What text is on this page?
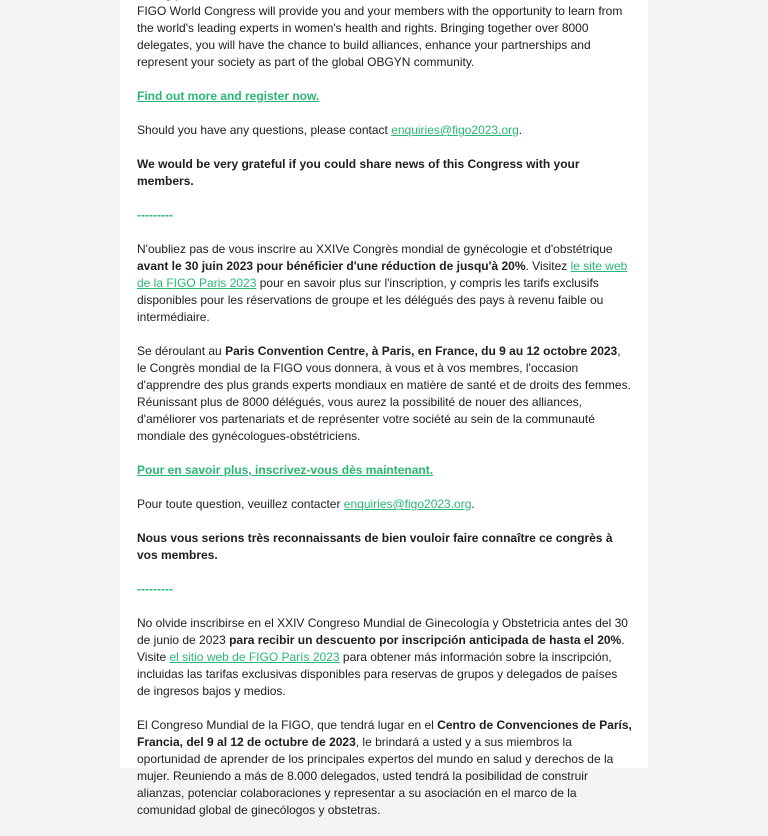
FIGO World Congress will provide you and your members with the opportunity to learn from the world's leading experts in women's health and rights. Bringing together over 8000 delegates, you will have the chance to build alliances, enhance your partnerships and represent your society as part of the global OBGYN community.

Find out more and register now.

Should you have any questions, please contact enquiries@figo2023.org.

We would be very grateful if you could share news of this Congress with your members.

---------

N'oubliez pas de vous inscrire au XXIVe Congrès mondial de gynécologie et d'obstétrique avant le 30 juin 2023 pour bénéficier d'une réduction de jusqu'à 20%. Visitez le site web de la FIGO Paris 2023 pour en savoir plus sur l'inscription, y compris les tarifs exclusifs disponibles pour les réservations de groupe et les délégués des pays à revenu faible ou intermédiaire.

Se déroulant au Paris Convention Centre, à Paris, en France, du 9 au 12 octobre 2023, le Congrès mondial de la FIGO vous donnera, à vous et à vos membres, l'occasion d'apprendre des plus grands experts mondiaux en matière de santé et de droits des femmes. Réunissant plus de 8000 délégués, vous aurez la possibilité de nouer des alliances, d'améliorer vos partenariats et de représenter votre société au sein de la communauté mondiale des gynécologues-obstétriciens.

Pour en savoir plus, inscrivez-vous dès maintenant.

Pour toute question, veuillez contacter enquiries@figo2023.org.

Nous vous serions très reconnaissants de bien vouloir faire connaître ce congrès à vos membres.

---------

No olvide inscribirse en el XXIV Congreso Mundial de Ginecología y Obstetricia antes del 30 de junio de 2023 para recibir un descuento por inscripción anticipada de hasta el 20%. Visite el sitio web de FIGO París 2023 para obtener más información sobre la inscripción, incluidas las tarifas exclusivas disponibles para reservas de grupos y delegados de países de ingresos bajos y medios.

El Congreso Mundial de la FIGO, que tendrá lugar en el Centro de Convenciones de París, Francia, del 9 al 12 de octubre de 2023, le brindará a usted y a sus miembros la oportunidad de aprender de los principales expertos del mundo en salud y derechos de la mujer. Reuniendo a más de 8.000 delegados, usted tendrá la posibilidad de construir alianzas, potenciar colaboraciones y representar a su asociación en el marco de la comunidad global de ginecólogos y obstetras.
